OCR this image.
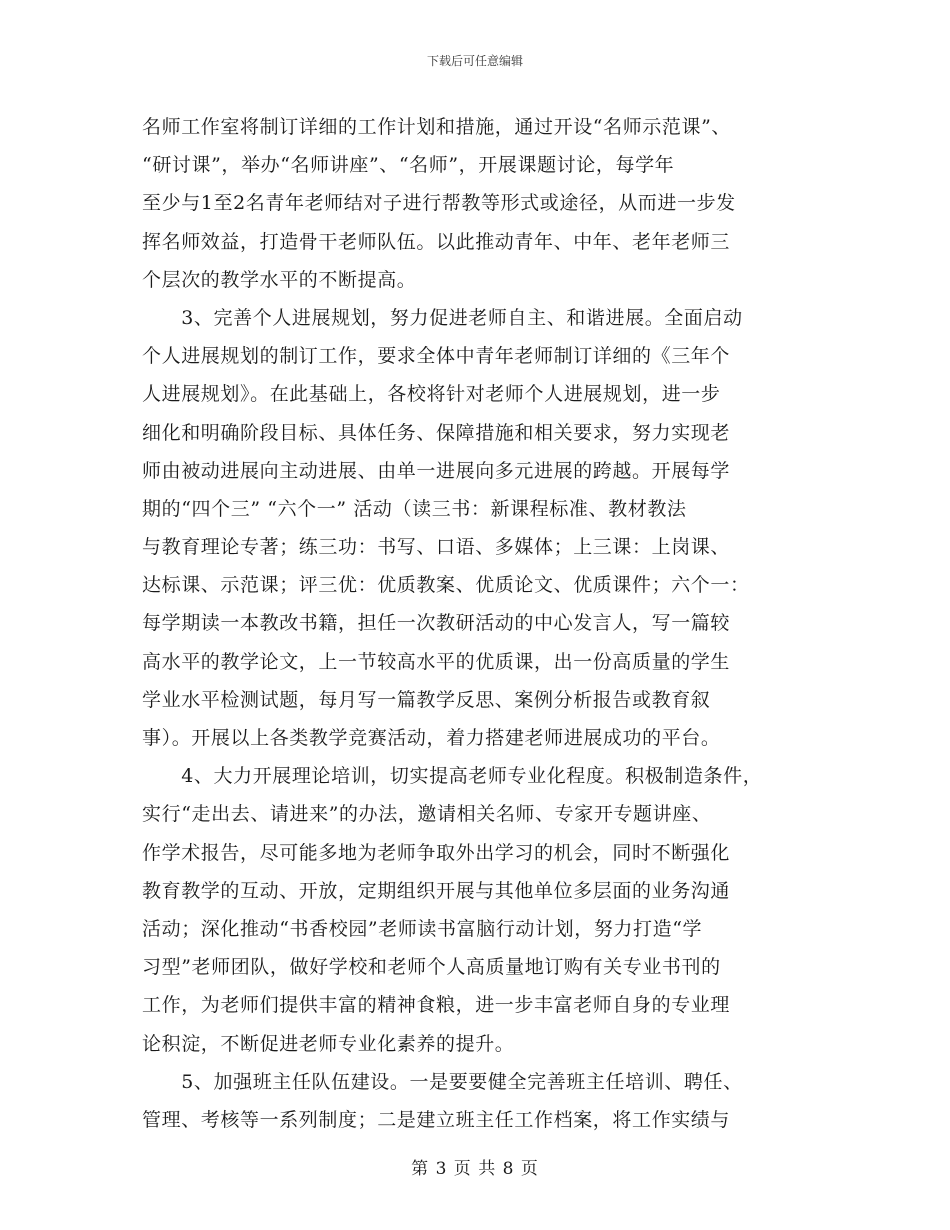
下载后可任意编辑
名师工作室将制订详细的工作计划和措施，通过开设“名师示范课”、
“研讨课”，举办“名师讲座”、“名师”，开展课题讨论，每学年
至少与1至2名青年老师结对子进行帮教等形式或途径，从而进一步发
挥名师效益，打造骨干老师队伍。以此推动青年、中年、老年老师三
个层次的教学水平的不断提高。
　　3、完善个人进展规划，努力促进老师自主、和谐进展。全面启动
个人进展规划的制订工作，要求全体中青年老师制订详细的《三年个
人进展规划》。在此基础上，各校将针对老师个人进展规划，进一步
细化和明确阶段目标、具体任务、保障措施和相关要求，努力实现老
师由被动进展向主动进展、由单一进展向多元进展的跨越。开展每学
期的“四个三” “六个一” 活动（读三书：新课程标准、教材教法
与教育理论专著；练三功：书写、口语、多媒体；上三课：上岗课、
达标课、示范课；评三优：优质教案、优质论文、优质课件；六个一：
每学期读一本教改书籍，担任一次教研活动的中心发言人，写一篇较
高水平的教学论文，上一节较高水平的优质课，出一份高质量的学生
学业水平检测试题，每月写一篇教学反思、案例分析报告或教育叙
事）。开展以上各类教学竞赛活动，着力搭建老师进展成功的平台。
　　4、大力开展理论培训，切实提高老师专业化程度。积极制造条件，
实行“走出去、请进来”的办法，邀请相关名师、专家开专题讲座、
作学术报告，尽可能多地为老师争取外出学习的机会，同时不断强化
教育教学的互动、开放，定期组织开展与其他单位多层面的业务沟通
活动；深化推动“书香校园”老师读书富脑行动计划，努力打造“学
习型”老师团队，做好学校和老师个人高质量地订购有关专业书刊的
工作，为老师们提供丰富的精神食粮，进一步丰富老师自身的专业理
论积淀，不断促进老师专业化素养的提升。
　　5、加强班主任队伍建设。一是要要健全完善班主任培训、聘任、
管理、考核等一系列制度；二是建立班主任工作档案，将工作实绩与
第 3 页 共 8 页
